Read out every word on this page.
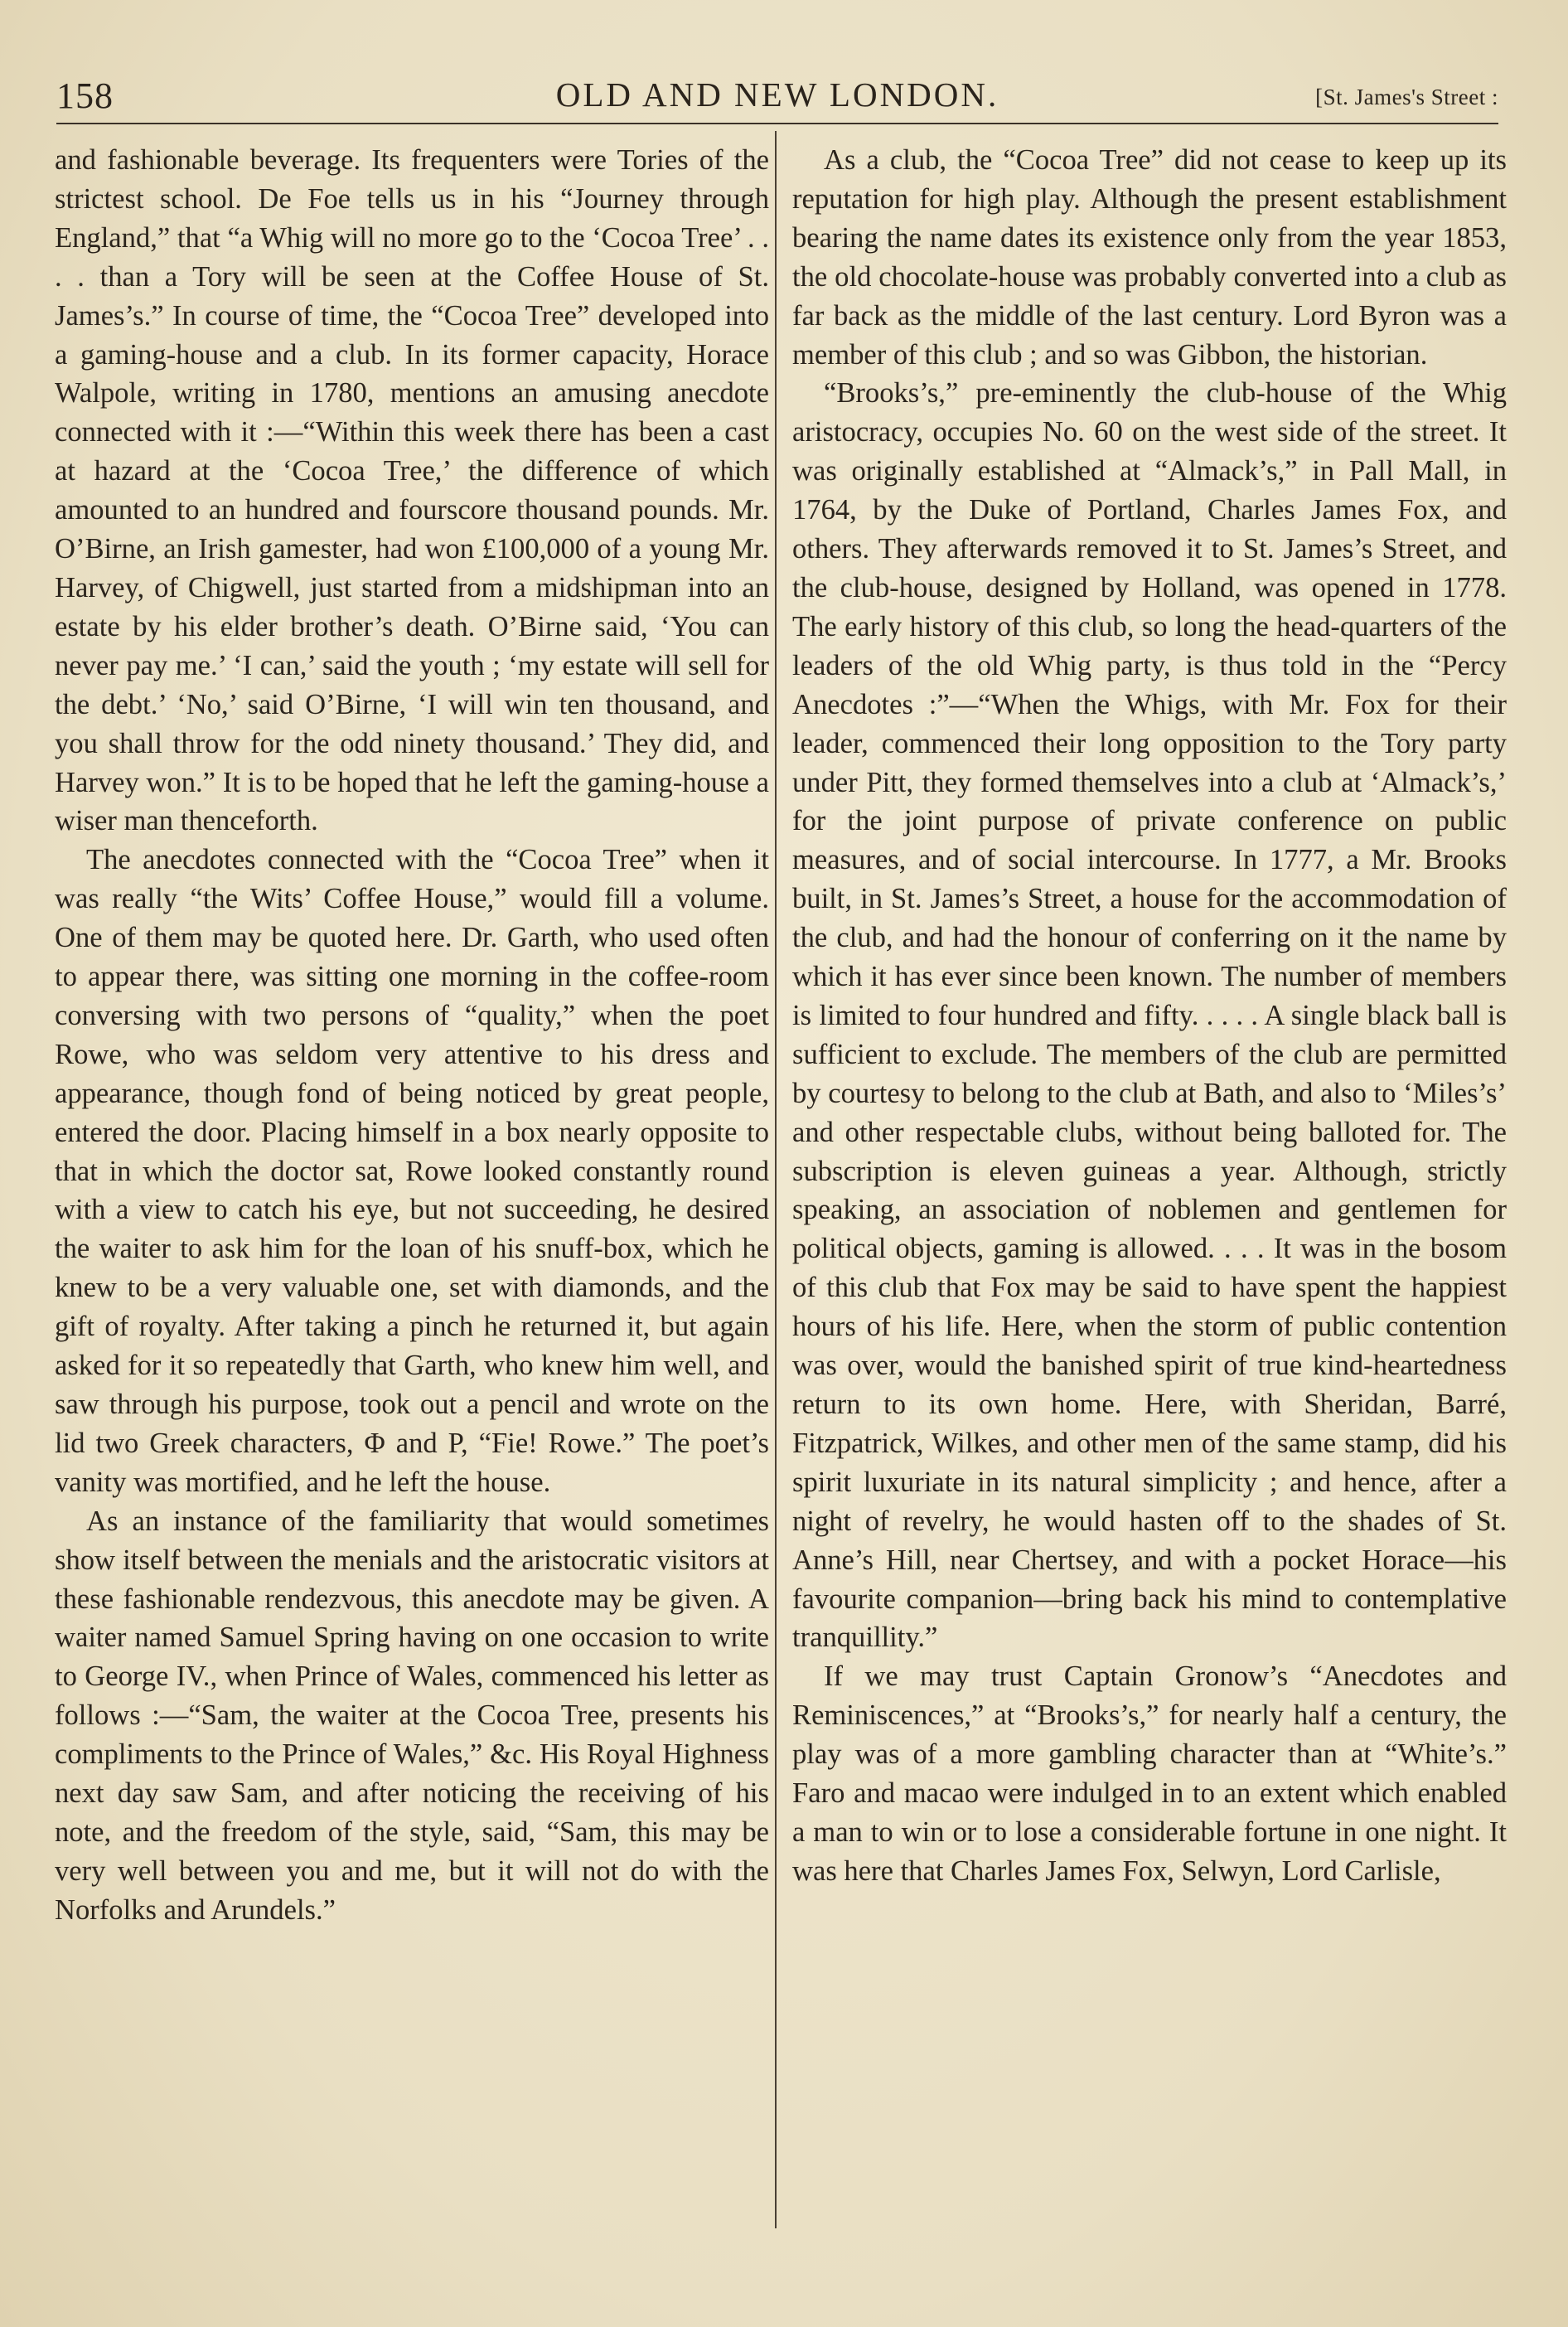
158	OLD AND NEW LONDON.	[St. James's Street :

and fashionable beverage. Its frequenters were Tories of the strictest school. De Foe tells us in his “Journey through England,” that “a Whig will no more go to the ‘Cocoa Tree’ . . . . than a Tory will be seen at the Coffee House of St. James’s.” In course of time, the “Cocoa Tree” developed into a gaming-house and a club. In its former capacity, Horace Walpole, writing in 1780, mentions an amusing anecdote connected with it :—“Within this week there has been a cast at hazard at the ‘Cocoa Tree,’ the difference of which amounted to an hundred and fourscore thousand pounds. Mr. O’Birne, an Irish gamester, had won £100,000 of a young Mr. Harvey, of Chigwell, just started from a midshipman into an estate by his elder brother’s death. O’Birne said, ‘You can never pay me.’ ‘I can,’ said the youth ; ‘my estate will sell for the debt.’ ‘No,’ said O’Birne, ‘I will win ten thousand, and you shall throw for the odd ninety thousand.’ They did, and Harvey won.” It is to be hoped that he left the gaming-house a wiser man thenceforth.

The anecdotes connected with the “Cocoa Tree” when it was really “the Wits’ Coffee House,” would fill a volume. One of them may be quoted here. Dr. Garth, who used often to appear there, was sitting one morning in the coffee-room conversing with two persons of “quality,” when the poet Rowe, who was seldom very attentive to his dress and appearance, though fond of being noticed by great people, entered the door. Placing himself in a box nearly opposite to that in which the doctor sat, Rowe looked constantly round with a view to catch his eye, but not succeeding, he desired the waiter to ask him for the loan of his snuff-box, which he knew to be a very valuable one, set with diamonds, and the gift of royalty. After taking a pinch he returned it, but again asked for it so repeatedly that Garth, who knew him well, and saw through his purpose, took out a pencil and wrote on the lid two Greek characters, Φ and P, “Fie! Rowe.” The poet’s vanity was mortified, and he left the house.

As an instance of the familiarity that would sometimes show itself between the menials and the aristocratic visitors at these fashionable rendezvous, this anecdote may be given. A waiter named Samuel Spring having on one occasion to write to George IV., when Prince of Wales, commenced his letter as follows :—“Sam, the waiter at the Cocoa Tree, presents his compliments to the Prince of Wales,” &c. His Royal Highness next day saw Sam, and after noticing the receiving of his note, and the freedom of the style, said, “Sam, this may be very well between you and me, but it will not do with the Norfolks and Arundels.”

As a club, the “Cocoa Tree” did not cease to keep up its reputation for high play. Although the present establishment bearing the name dates its existence only from the year 1853, the old chocolate-house was probably converted into a club as far back as the middle of the last century. Lord Byron was a member of this club ; and so was Gibbon, the historian.

“Brooks’s,” pre-eminently the club-house of the Whig aristocracy, occupies No. 60 on the west side of the street. It was originally established at “Almack’s,” in Pall Mall, in 1764, by the Duke of Portland, Charles James Fox, and others. They afterwards removed it to St. James’s Street, and the club-house, designed by Holland, was opened in 1778. The early history of this club, so long the head-quarters of the leaders of the old Whig party, is thus told in the “Percy Anecdotes :”—“When the Whigs, with Mr. Fox for their leader, commenced their long opposition to the Tory party under Pitt, they formed themselves into a club at ‘Almack’s,’ for the joint purpose of private conference on public measures, and of social intercourse. In 1777, a Mr. Brooks built, in St. James’s Street, a house for the accommodation of the club, and had the honour of conferring on it the name by which it has ever since been known. The number of members is limited to four hundred and fifty. . . . . A single black ball is sufficient to exclude. The members of the club are permitted by courtesy to belong to the club at Bath, and also to ‘Miles’s’ and other respectable clubs, without being balloted for. The subscription is eleven guineas a year. Although, strictly speaking, an association of noblemen and gentlemen for political objects, gaming is allowed. . . . It was in the bosom of this club that Fox may be said to have spent the happiest hours of his life. Here, when the storm of public contention was over, would the banished spirit of true kind-heartedness return to its own home. Here, with Sheridan, Barré, Fitzpatrick, Wilkes, and other men of the same stamp, did his spirit luxuriate in its natural simplicity ; and hence, after a night of revelry, he would hasten off to the shades of St. Anne’s Hill, near Chertsey, and with a pocket Horace—his favourite companion—bring back his mind to contemplative tranquillity.”

If we may trust Captain Gronow’s “Anecdotes and Reminiscences,” at “Brooks’s,” for nearly half a century, the play was of a more gambling character than at “White’s.” Faro and macao were indulged in to an extent which enabled a man to win or to lose a considerable fortune in one night. It was here that Charles James Fox, Selwyn, Lord Carlisle,
